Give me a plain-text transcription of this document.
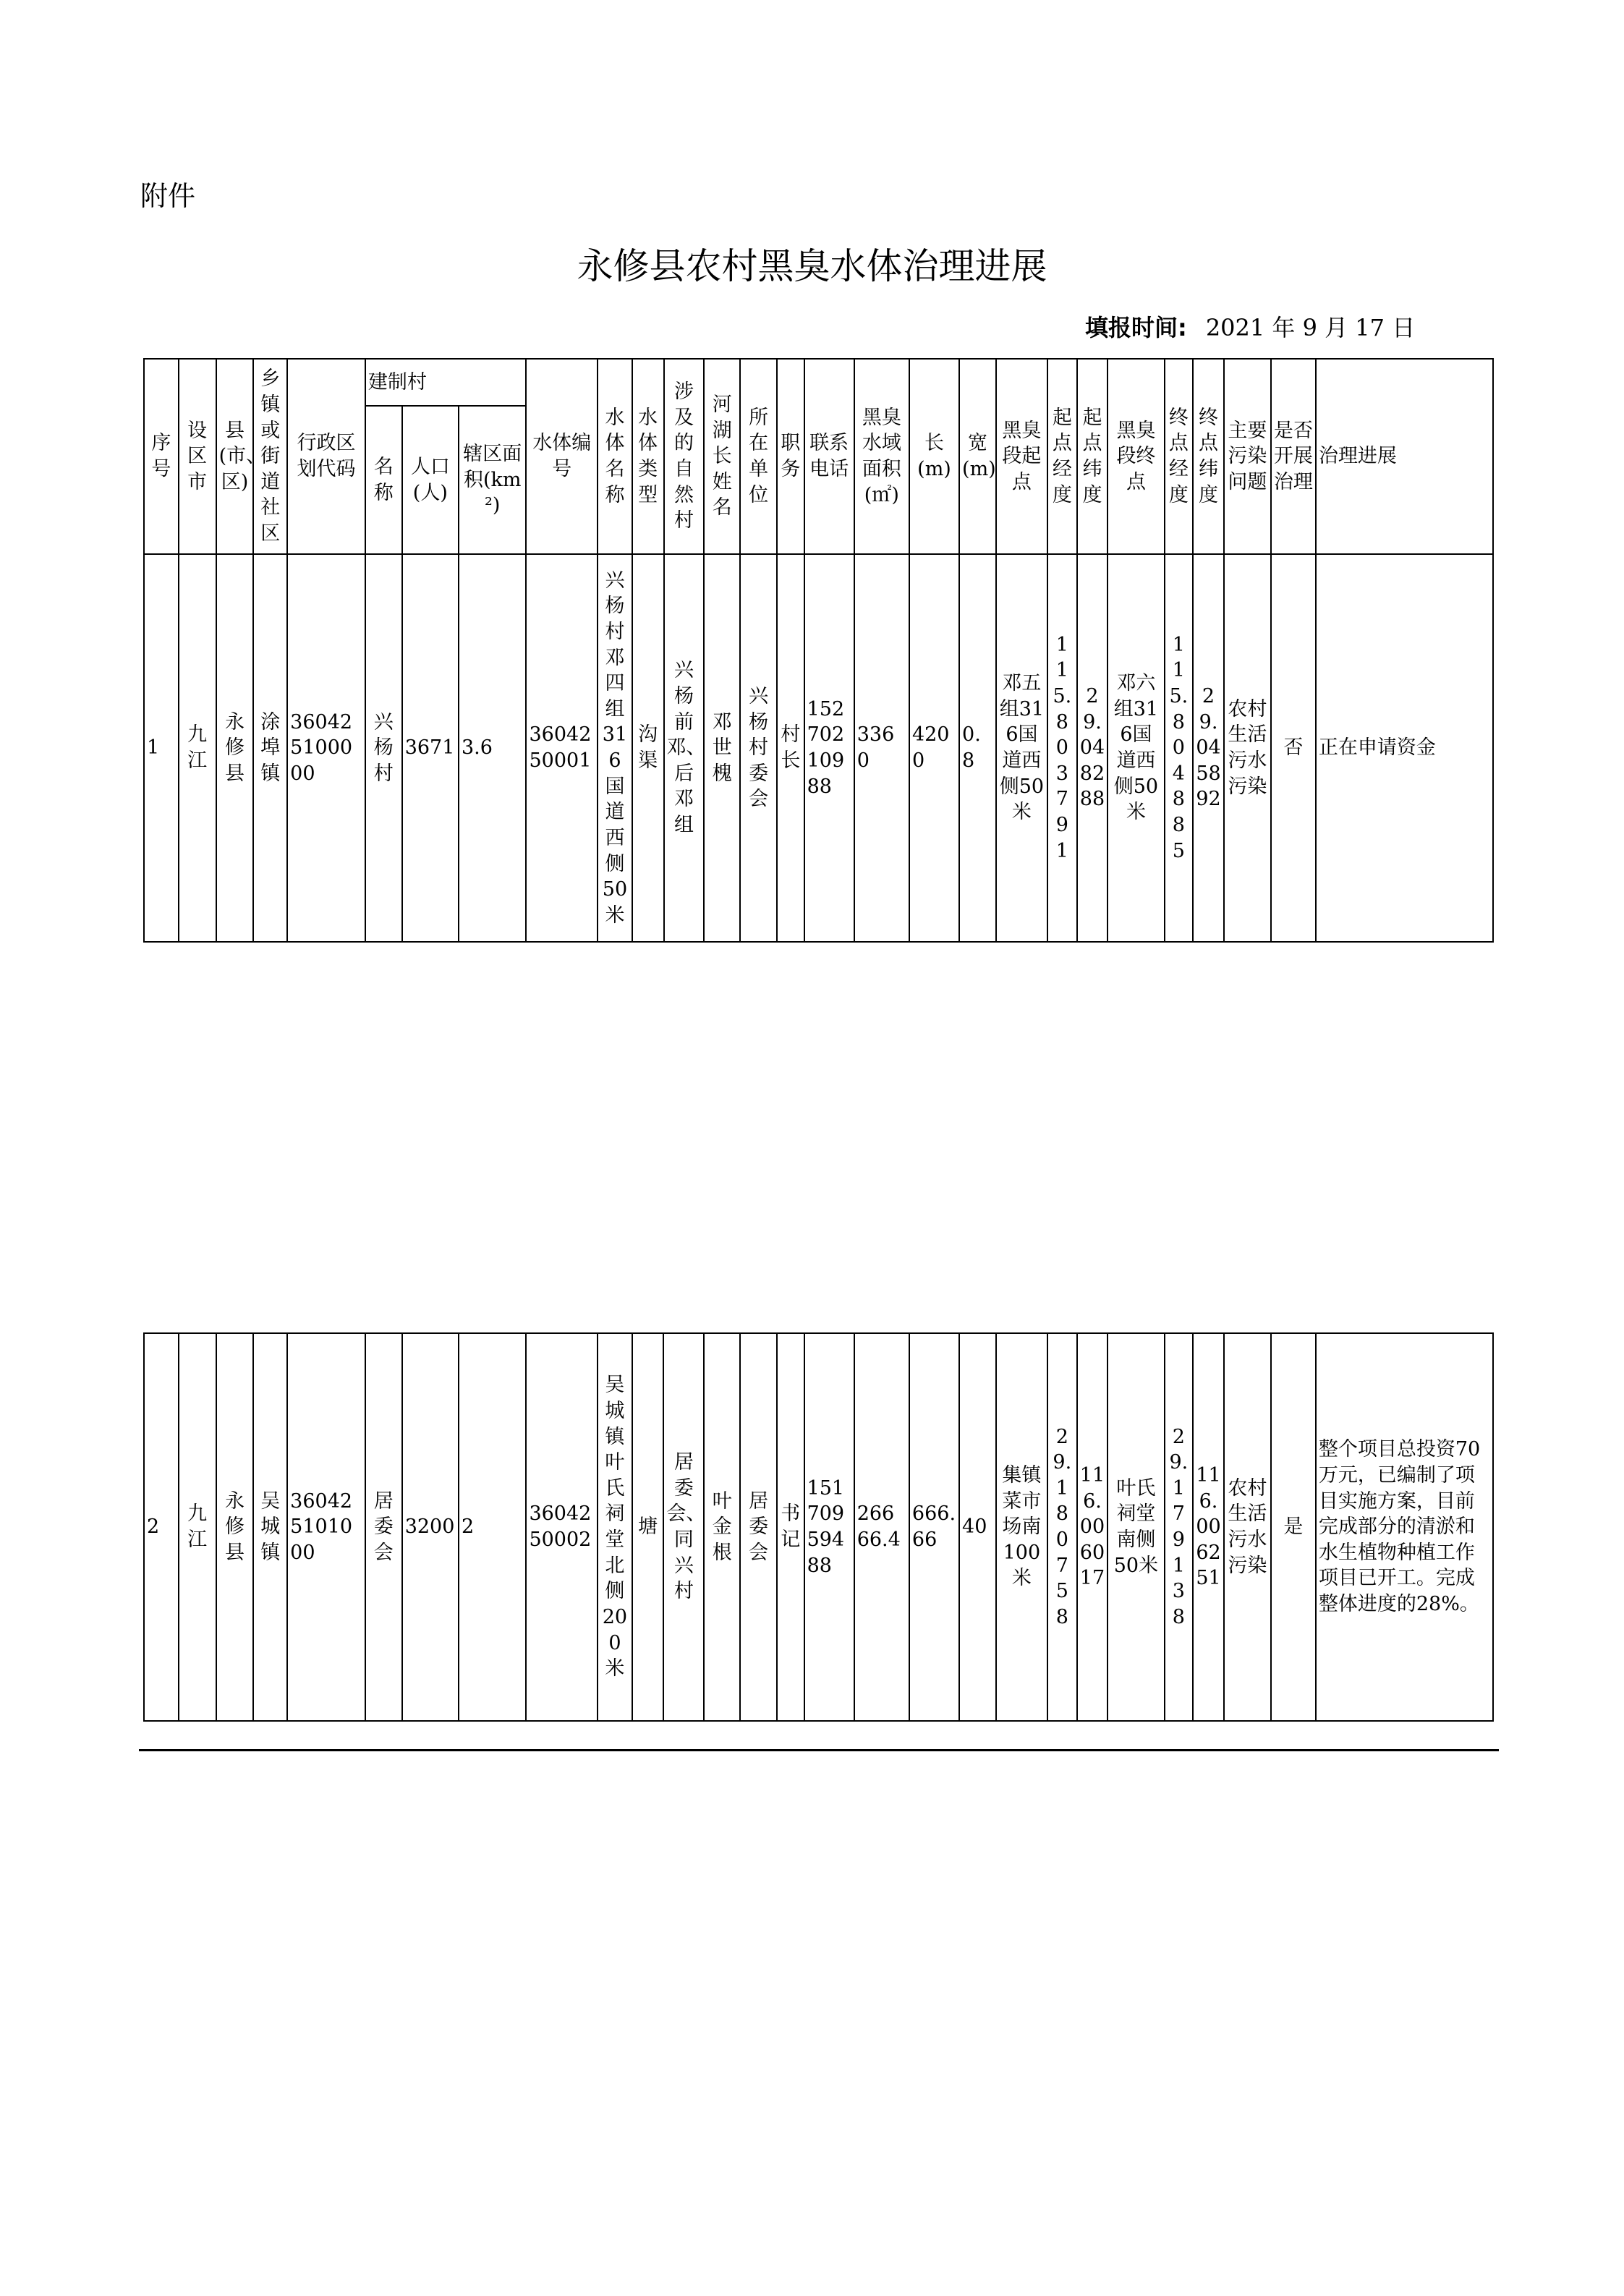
附件
永修县农村黑臭水体治理进展
填报时间: 2021 年 9 月 17 日
序号	设区市	县(市、区)	乡镇或街道社区	行政区划代码	建制村			水体编号	水体名称	水体类型	涉及的自然村	河湖长姓名	所在单位	职务	联系电话	黑臭水域面积(㎡)	长(m)	宽(m)	黑臭段起点	起点经度	起点纬度	黑臭段终点	终点经度	终点纬度	主要污染问题	是否开展治理	治理进展
					名称	人口(人)	辖区面积(km²)																				
1	九江	永修县	涂埠镇	360425100000	兴杨村	3671	3.6	3604250001	兴杨村邓四组316国道西侧50米	沟渠	兴杨前邓、后邓组	邓世槐	兴杨村委会	村长	15270210988	3360	4200	0.8	邓五组316国道西侧50米	115.803791	29.048288	邓六组316国道西侧50米	115.804885	29.045892	农村生活污水污染	否	正在申请资金
2	九江	永修县	吴城镇	360425101000	居委会	3200	2	3604250002	吴城镇叶氏祠堂北侧200米	塘	居委会、同兴村	叶金根	居委会	书记	15170959488	26666.4	666.66	40	集镇菜市场南100米	29.180758	116.006017	叶氏祠堂南侧50米	29.179138	116.006251	农村生活污水污染	是	整个项目总投资70万元，已编制了项目实施方案，目前完成部分的清淤和水生植物种植工作项目已开工。完成整体进度的28%。
